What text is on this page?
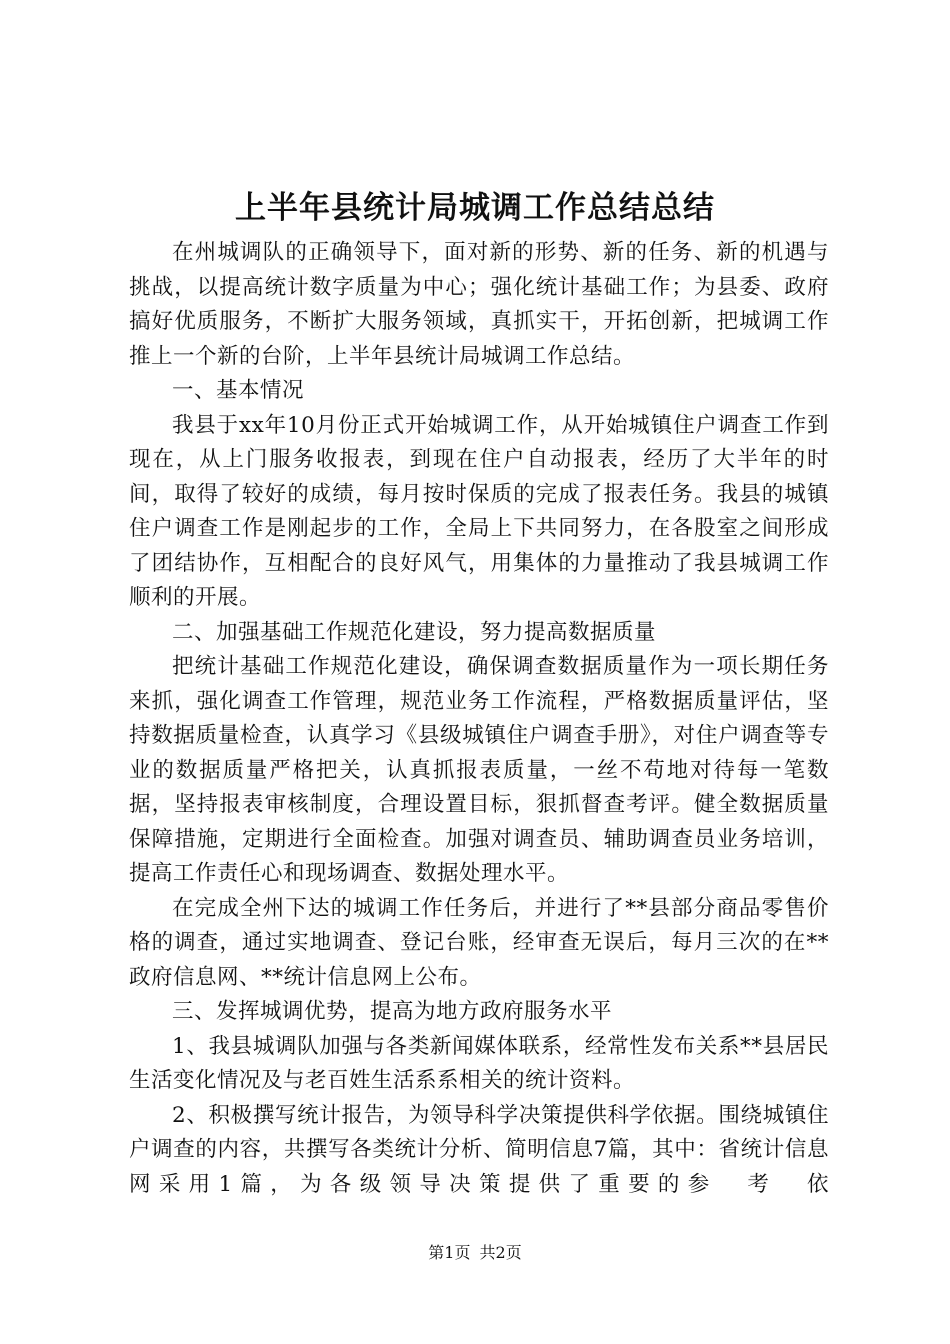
上半年县统计局城调工作总结总结

在州城调队的正确领导下，面对新的形势、新的任务、新的机遇与挑战，以提高统计数字质量为中心；强化统计基础工作；为县委、政府搞好优质服务，不断扩大服务领域，真抓实干，开拓创新，把城调工作推上一个新的台阶，上半年县统计局城调工作总结。

一、基本情况

我县于xx年10月份正式开始城调工作，从开始城镇住户调查工作到现在，从上门服务收报表，到现在住户自动报表，经历了大半年的时间，取得了较好的成绩，每月按时保质的完成了报表任务。我县的城镇住户调查工作是刚起步的工作，全局上下共同努力，在各股室之间形成了团结协作，互相配合的良好风气，用集体的力量推动了我县城调工作顺利的开展。

二、加强基础工作规范化建设，努力提高数据质量

把统计基础工作规范化建设，确保调查数据质量作为一项长期任务来抓，强化调查工作管理，规范业务工作流程，严格数据质量评估，坚持数据质量检查，认真学习《县级城镇住户调查手册》，对住户调查等专业的数据质量严格把关，认真抓报表质量，一丝不苟地对待每一笔数据，坚持报表审核制度，合理设置目标，狠抓督查考评。健全数据质量保障措施，定期进行全面检查。加强对调查员、辅助调查员业务培训，提高工作责任心和现场调查、数据处理水平。

在完成全州下达的城调工作任务后，并进行了**县部分商品零售价格的调查，通过实地调查、登记台账，经审查无误后，每月三次的在**政府信息网、**统计信息网上公布。

三、发挥城调优势，提高为地方政府服务水平

1、我县城调队加强与各类新闻媒体联系，经常性发布关系**县居民生活变化情况及与老百姓生活系系相关的统计资料。

2、积极撰写统计报告，为领导科学决策提供科学依据。围绕城镇住户调查的内容，共撰写各类统计分析、简明信息7篇，其中：省统计信息网采用1篇，为各级领导决策提供了重要的参　考　依

第1页 共2页
